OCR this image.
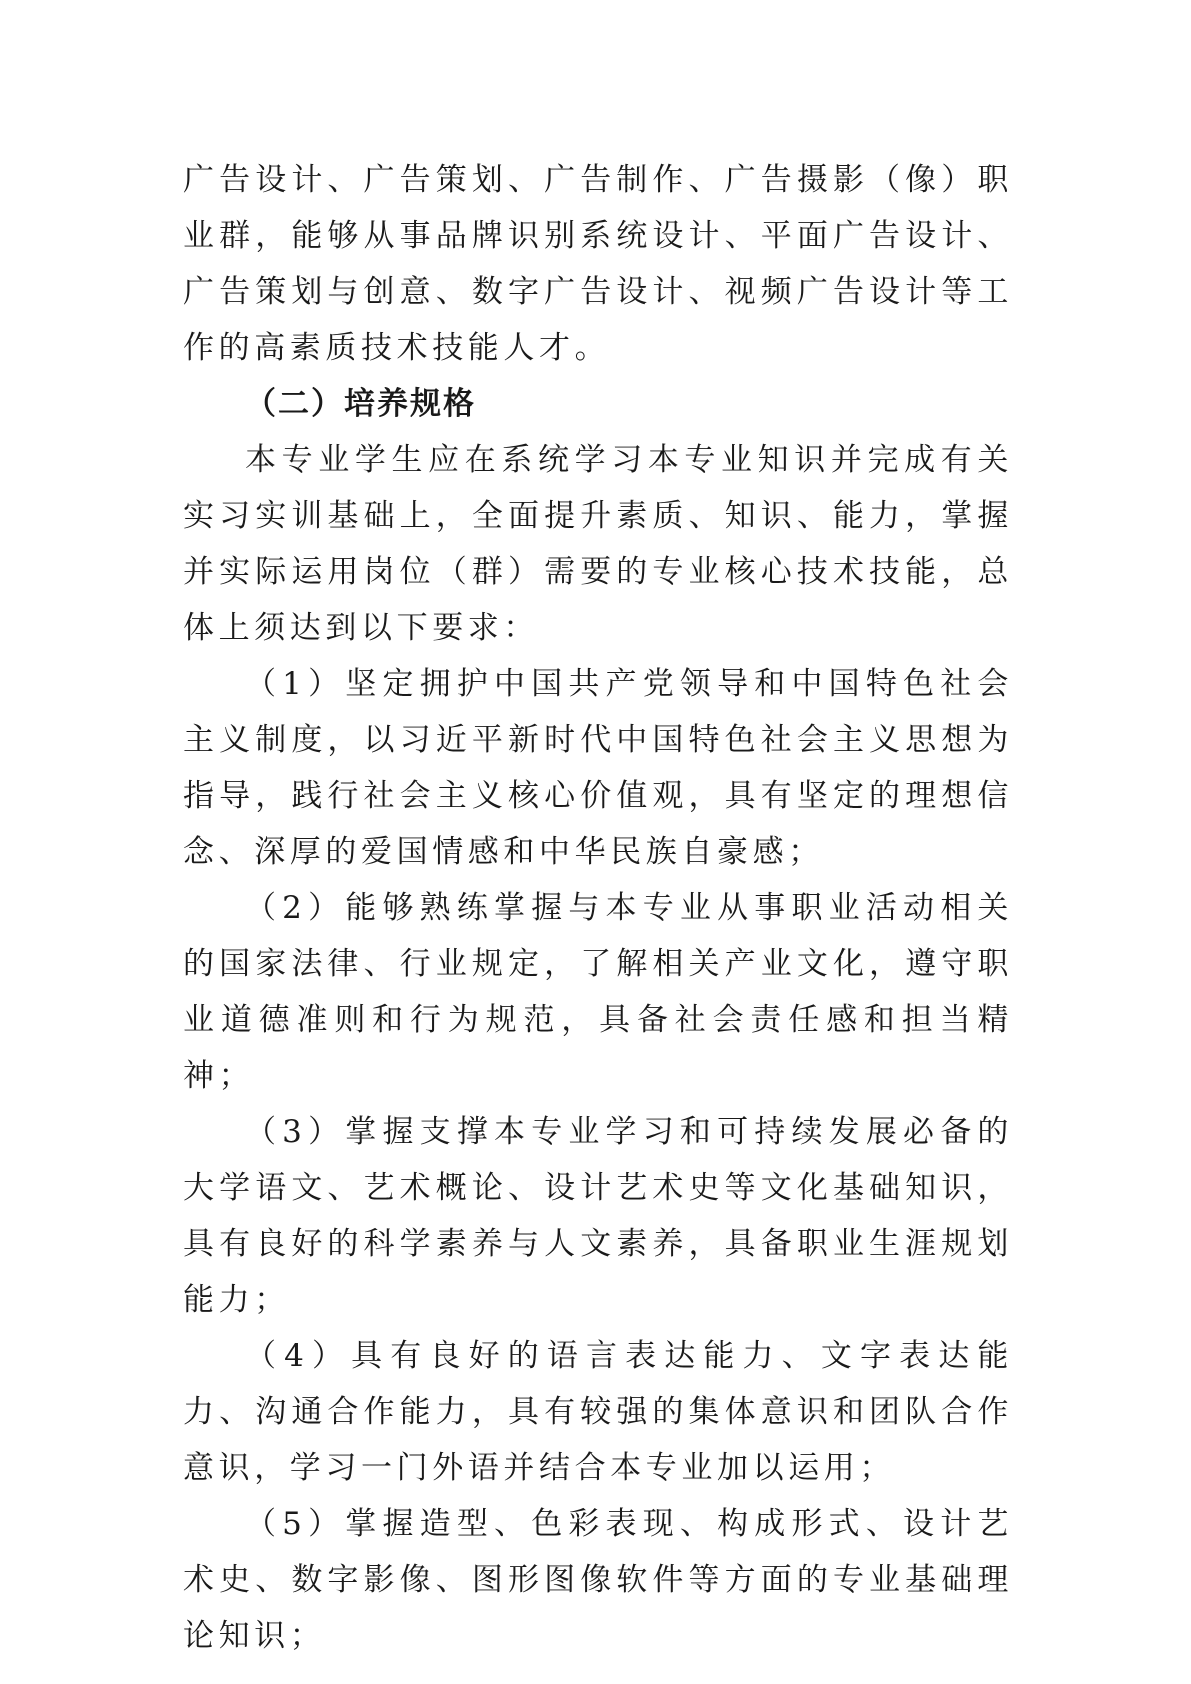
广告设计、广告策划、广告制作、广告摄影（像）职业群，能够从事品牌识别系统设计、平面广告设计、广告策划与创意、数字广告设计、视频广告设计等工作的高素质技术技能人才。

（二）培养规格

本专业学生应在系统学习本专业知识并完成有关实习实训基础上，全面提升素质、知识、能力，掌握并实际运用岗位（群）需要的专业核心技术技能，总体上须达到以下要求：

（1）坚定拥护中国共产党领导和中国特色社会主义制度，以习近平新时代中国特色社会主义思想为指导，践行社会主义核心价值观，具有坚定的理想信念、深厚的爱国情感和中华民族自豪感；

（2）能够熟练掌握与本专业从事职业活动相关的国家法律、行业规定，了解相关产业文化，遵守职业道德准则和行为规范，具备社会责任感和担当精神；

（3）掌握支撑本专业学习和可持续发展必备的大学语文、艺术概论、设计艺术史等文化基础知识，具有良好的科学素养与人文素养，具备职业生涯规划能力；

（4）具有良好的语言表达能力、文字表达能力、沟通合作能力，具有较强的集体意识和团队合作意识，学习一门外语并结合本专业加以运用；

（5）掌握造型、色彩表现、构成形式、设计艺术史、数字影像、图形图像软件等方面的专业基础理论知识；
